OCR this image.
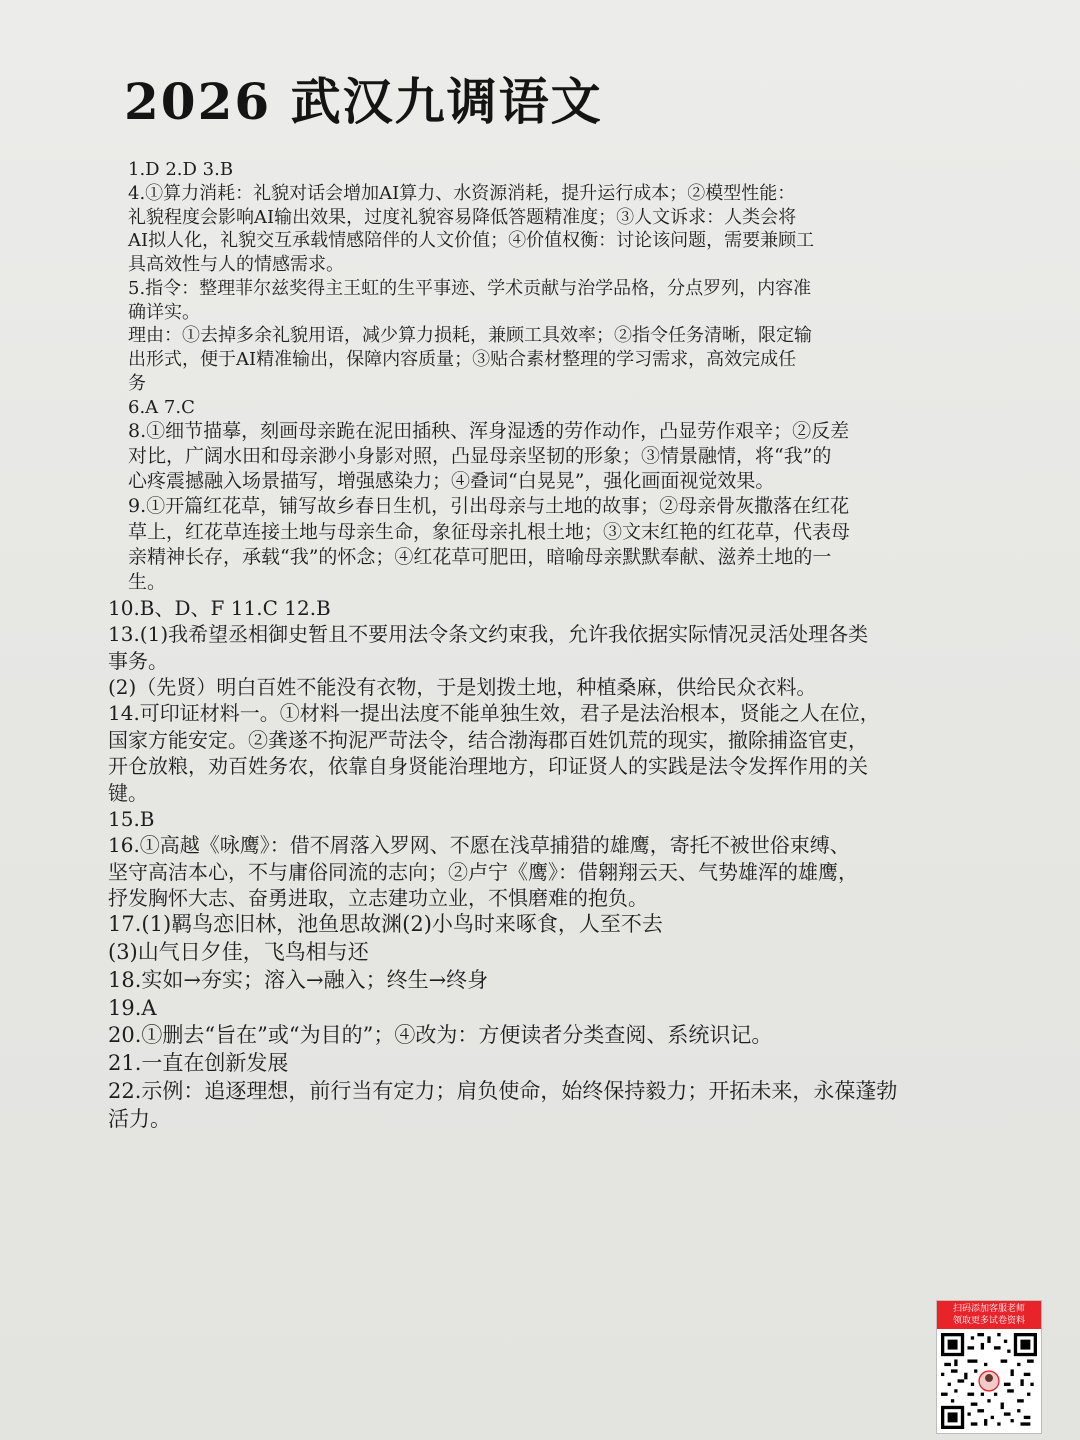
2026 武汉九调语文
1.D 2.D 3.B
4.①算力消耗：礼貌对话会增加AI算力、水资源消耗，提升运行成本；②模型性能：
礼貌程度会影响AI输出效果，过度礼貌容易降低答题精准度；③人文诉求：人类会将
AI拟人化，礼貌交互承载情感陪伴的人文价值；④价值权衡：讨论该问题，需要兼顾工
具高效性与人的情感需求。
5.指令：整理菲尔兹奖得主王虹的生平事迹、学术贡献与治学品格，分点罗列，内容准
确详实。
理由：①去掉多余礼貌用语，减少算力损耗，兼顾工具效率；②指令任务清晰，限定输
出形式，便于AI精准输出，保障内容质量；③贴合素材整理的学习需求，高效完成任
务
6.A 7.C
8.①细节描摹，刻画母亲跪在泥田插秧、浑身湿透的劳作动作，凸显劳作艰辛；②反差
对比，广阔水田和母亲渺小身影对照，凸显母亲坚韧的形象；③情景融情，将“我”的
心疼震撼融入场景描写，增强感染力；④叠词“白晃晃”，强化画面视觉效果。
9.①开篇红花草，铺写故乡春日生机，引出母亲与土地的故事；②母亲骨灰撒落在红花
草上，红花草连接土地与母亲生命，象征母亲扎根土地；③文末红艳的红花草，代表母
亲精神长存，承载“我”的怀念；④红花草可肥田，暗喻母亲默默奉献、滋养土地的一
生。
10.B、D、F 11.C 12.B
13.(1)我希望丞相御史暂且不要用法令条文约束我，允许我依据实际情况灵活处理各类
事务。
(2)（先贤）明白百姓不能没有衣物，于是划拨土地，种植桑麻，供给民众衣料。
14.可印证材料一。①材料一提出法度不能单独生效，君子是法治根本，贤能之人在位，
国家方能安定。②龚遂不拘泥严苛法令，结合渤海郡百姓饥荒的现实，撤除捕盗官吏，
开仓放粮，劝百姓务农，依靠自身贤能治理地方，印证贤人的实践是法令发挥作用的关
键。
15.B
16.①高越《咏鹰》：借不屑落入罗网、不愿在浅草捕猎的雄鹰，寄托不被世俗束缚、
坚守高洁本心，不与庸俗同流的志向；②卢宁《鹰》：借翱翔云天、气势雄浑的雄鹰，
抒发胸怀大志、奋勇进取，立志建功立业，不惧磨难的抱负。
17.(1)羁鸟恋旧林，池鱼思故渊(2)小鸟时来啄食，人至不去
(3)山气日夕佳，飞鸟相与还
18.实如→夯实；溶入→融入；终生→终身
19.A
20.①删去“旨在”或“为目的”；④改为：方便读者分类查阅、系统识记。
21.一直在创新发展
22.示例：追逐理想，前行当有定力；肩负使命，始终保持毅力；开拓未来，永葆蓬勃
活力。
扫码添加客服老师
领取更多试卷资料
